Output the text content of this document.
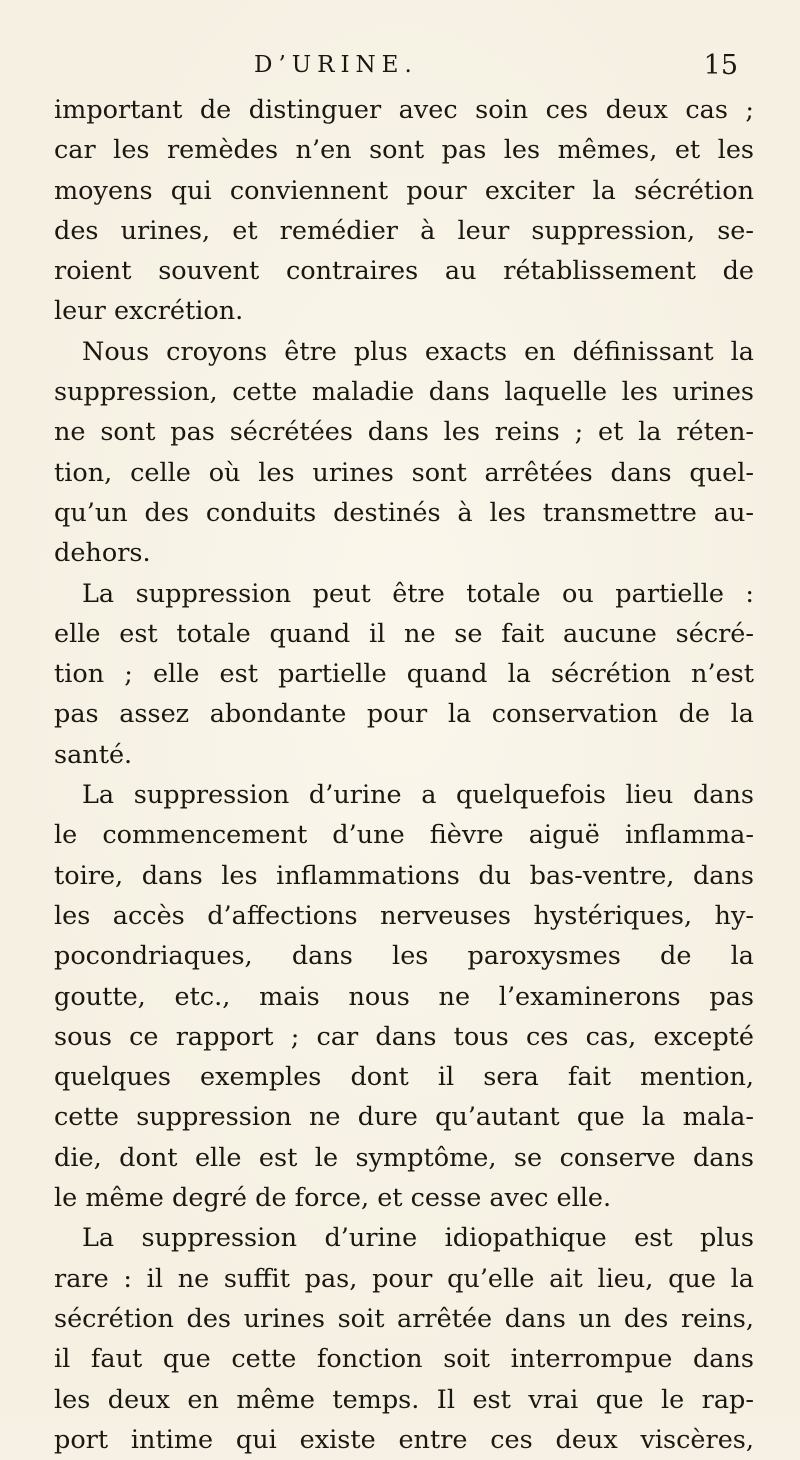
D’URINE.	15
important de distinguer avec soin ces deux cas ;
car les remèdes n’en sont pas les mêmes, et les
moyens qui conviennent pour exciter la sécrétion
des urines, et remédier à leur suppression, se-
roient souvent contraires au rétablissement de
leur excrétion.
Nous croyons être plus exacts en définissant la
suppression, cette maladie dans laquelle les urines
ne sont pas sécrétées dans les reins ; et la réten-
tion, celle où les urines sont arrêtées dans quel-
qu’un des conduits destinés à les transmettre au-
dehors.
La suppression peut être totale ou partielle :
elle est totale quand il ne se fait aucune sécré-
tion ; elle est partielle quand la sécrétion n’est
pas assez abondante pour la conservation de la
santé.
La suppression d’urine a quelquefois lieu dans
le commencement d’une fièvre aiguë inflamma-
toire, dans les inflammations du bas-ventre, dans
les accès d’affections nerveuses hystériques, hy-
pocondriaques, dans les paroxysmes de la
goutte, etc., mais nous ne l’examinerons pas
sous ce rapport ; car dans tous ces cas, excepté
quelques exemples dont il sera fait mention,
cette suppression ne dure qu’autant que la mala-
die, dont elle est le symptôme, se conserve dans
le même degré de force, et cesse avec elle.
La suppression d’urine idiopathique est plus
rare : il ne suffit pas, pour qu’elle ait lieu, que la
sécrétion des urines soit arrêtée dans un des reins,
il faut que cette fonction soit interrompue dans
les deux en même temps. Il est vrai que le rap-
port intime qui existe entre ces deux viscères,
